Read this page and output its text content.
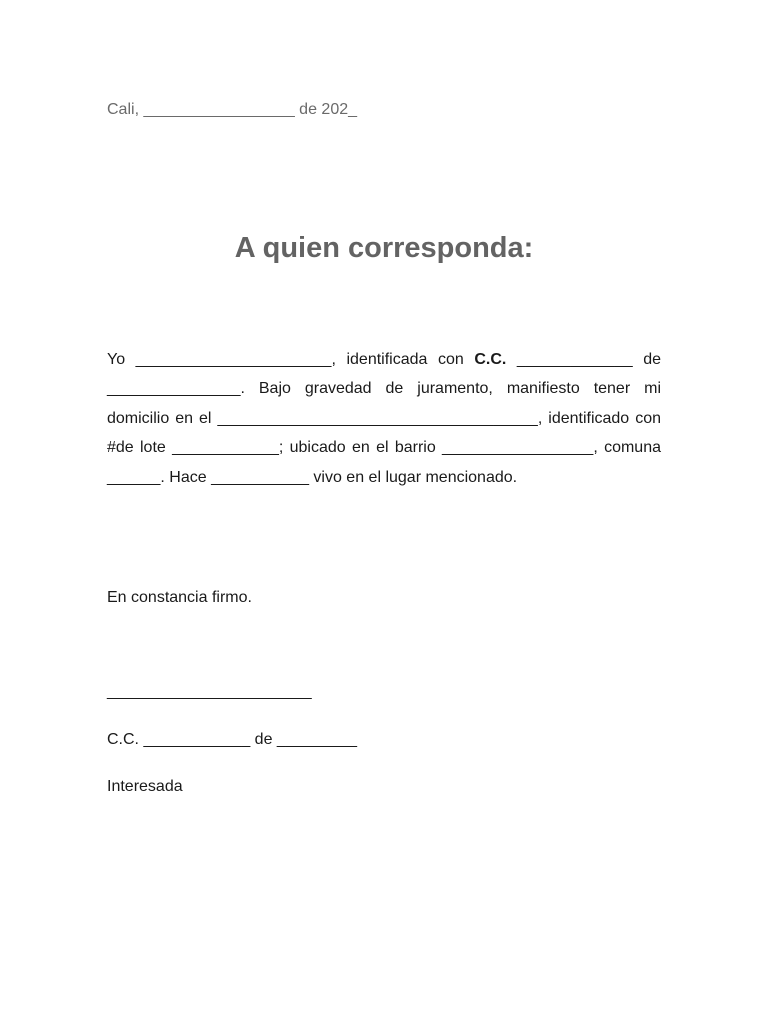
Cali, _________________ de 202_
A quien corresponda:
Yo ______________________, identificada con C.C. _____________ de _______________. Bajo gravedad de juramento, manifiesto tener mi domicilio en el ____________________________________, identificado con #de lote ____________; ubicado en el barrio _________________, comuna ______. Hace ___________ vivo en el lugar mencionado.
En constancia firmo.
_______________________
C.C. ____________ de _________
Interesada
